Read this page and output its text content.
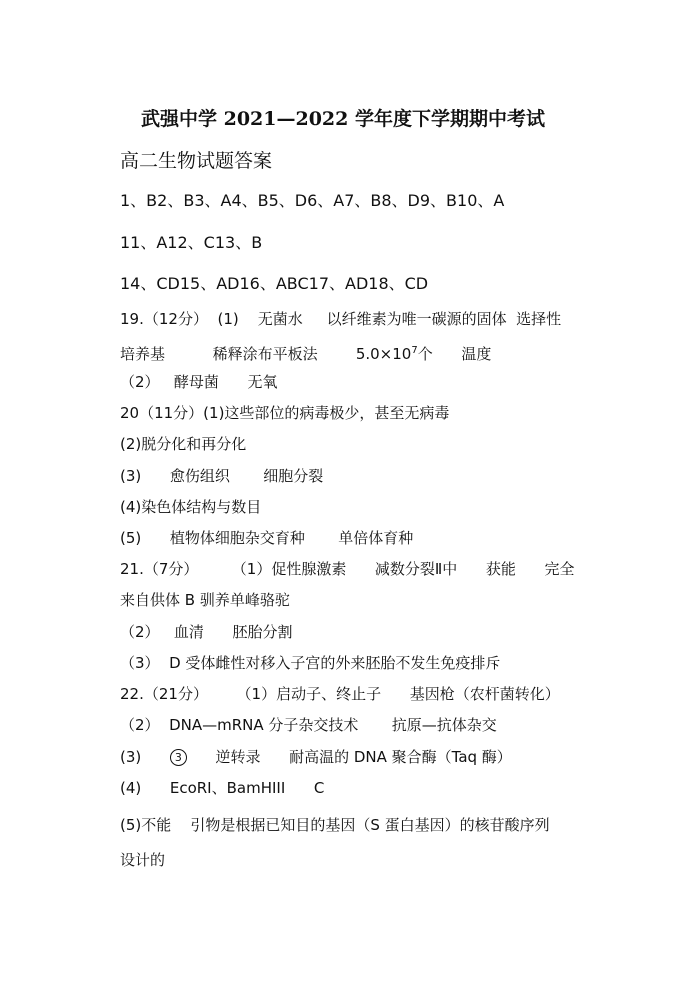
武强中学 2021—2022 学年度下学期期中考试
高二生物试题答案
1、B2、B3、A4、B5、D6、A7、B8、D9、B10、A
11、A12、C13、B
14、CD15、AD16、ABC17、AD18、CD
19.（12分）  (1)    无菌水     以纤维素为唯一碳源的固体  选择性
培养基          稀释涂布平板法        $5.0\times 10^7$个      温度
（2）   酵母菌      无氧
20（11分）(1)这些部位的病毒极少，甚至无病毒
(2)脱分化和再分化
(3)      愈伤组织       细胞分裂
(4)染色体结构与数目
(5)      植物体细胞杂交育种       单倍体育种
21.（7分）       （1）促性腺激素      减数分裂Ⅱ中      获能      完全
来自供体 B 驯养单峰骆驼
（2）   血清      胚胎分割
（3）  D 受体雌性对移入子宫的外来胚胎不发生免疫排斥
22.（21分）      （1）启动子、终止子      基因枪（农杆菌转化）
（2）  DNA—mRNA 分子杂交技术       抗原—抗体杂交
(3)      3      逆转录      耐高温的 DNA 聚合酶（Taq 酶）
(4)      EcoRⅠ、BamHIII      C
(5)不能    引物是根据已知目的基因（S 蛋白基因）的核苷酸序列
设计的
